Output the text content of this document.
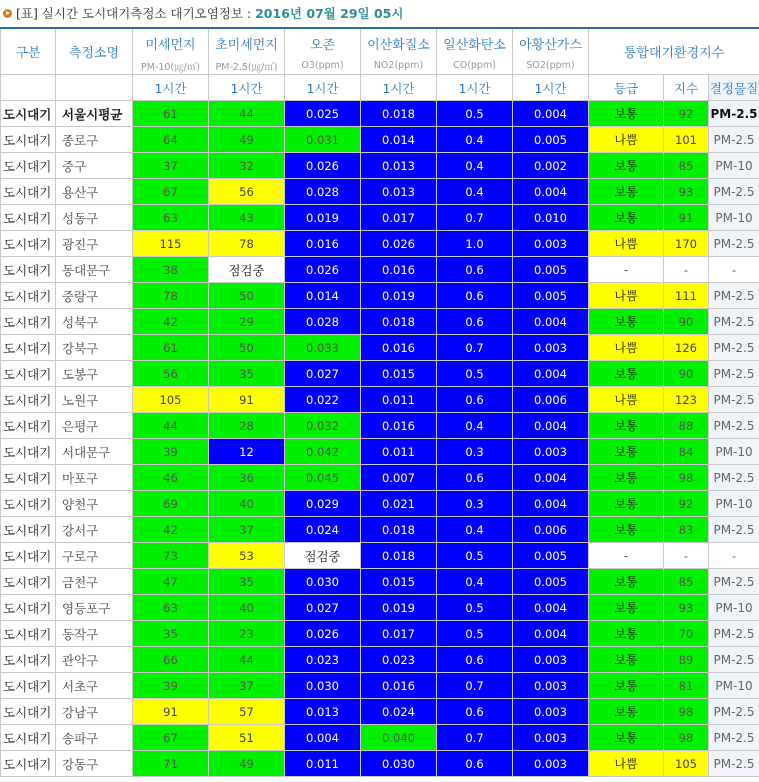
[표] 실시간 도시대기측정소 대기오염정보 : 2016년 07월 29일 05시
구분	측정소명	미세먼지	초미세먼지	오존	이산화질소	일산화탄소	아황산가스	통합대기환경지수		
		PM-10(㎍/㎥)	PM-2.5(㎍/㎥)	O3(ppm)	NO2(ppm)	CO(ppm)	SO2(ppm)			
		1시간	1시간	1시간	1시간	1시간	1시간	등급	지수	결정물질
도시대기	서울시평균	61	44	0.025	0.018	0.5	0.004	보통	92	PM-2.5
도시대기	종로구	64	49	0.031	0.014	0.4	0.005	나쁨	101	PM-2.5
도시대기	중구	37	32	0.026	0.013	0.4	0.002	보통	85	PM-10
도시대기	용산구	67	56	0.028	0.013	0.4	0.004	보통	93	PM-2.5
도시대기	성동구	63	43	0.019	0.017	0.7	0.010	보통	91	PM-10
도시대기	광진구	115	78	0.016	0.026	1.0	0.003	나쁨	170	PM-2.5
도시대기	동대문구	38	점검중	0.026	0.016	0.6	0.005	-	-	-
도시대기	중랑구	78	50	0.014	0.019	0.6	0.005	나쁨	111	PM-2.5
도시대기	성북구	42	29	0.028	0.018	0.6	0.004	보통	90	PM-2.5
도시대기	강북구	61	50	0.033	0.016	0.7	0.003	나쁨	126	PM-2.5
도시대기	도봉구	56	35	0.027	0.015	0.5	0.004	보통	90	PM-2.5
도시대기	노원구	105	91	0.022	0.011	0.6	0.006	나쁨	123	PM-2.5
도시대기	은평구	44	28	0.032	0.016	0.4	0.004	보통	88	PM-2.5
도시대기	서대문구	39	12	0.042	0.011	0.3	0.003	보통	84	PM-10
도시대기	마포구	46	36	0.045	0.007	0.6	0.004	보통	98	PM-2.5
도시대기	양천구	69	40	0.029	0.021	0.3	0.004	보통	92	PM-10
도시대기	강서구	42	37	0.024	0.018	0.4	0.006	보통	83	PM-2.5
도시대기	구로구	73	53	점검중	0.018	0.5	0.005	-	-	-
도시대기	금천구	47	35	0.030	0.015	0.4	0.005	보통	85	PM-2.5
도시대기	영등포구	63	40	0.027	0.019	0.5	0.004	보통	93	PM-10
도시대기	동작구	35	23	0.026	0.017	0.5	0.004	보통	70	PM-2.5
도시대기	관악구	66	44	0.023	0.023	0.6	0.003	보통	89	PM-2.5
도시대기	서초구	39	37	0.030	0.016	0.7	0.003	보통	81	PM-10
도시대기	강남구	91	57	0.013	0.024	0.6	0.003	보통	98	PM-2.5
도시대기	송파구	67	51	0.004	0.040	0.7	0.003	보통	98	PM-2.5
도시대기	강동구	71	49	0.011	0.030	0.6	0.003	나쁨	105	PM-2.5
